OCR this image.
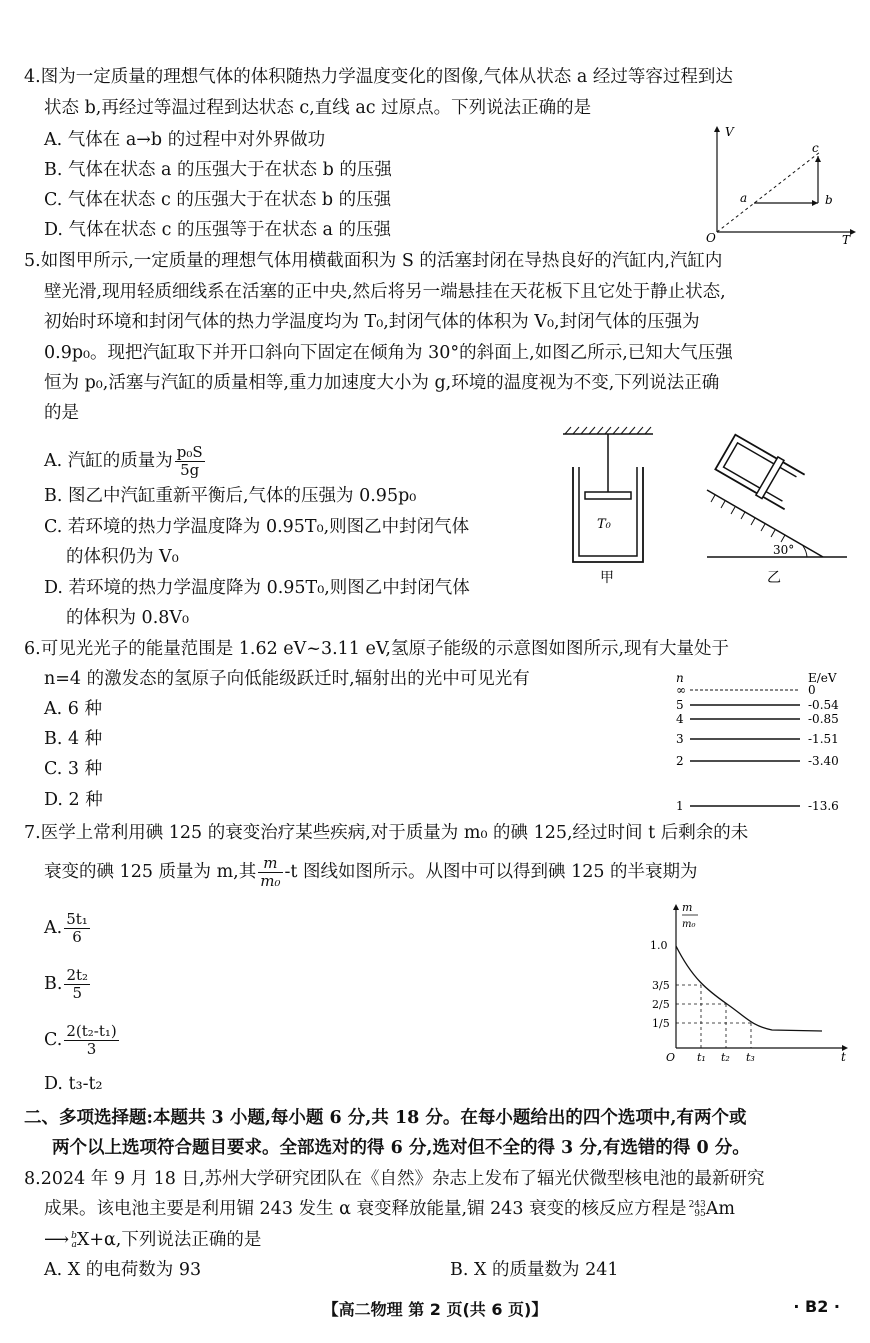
4.图为一定质量的理想气体的体积随热力学温度变化的图像,气体从状态 a 经过等容过程到达
状态 b,再经过等温过程到达状态 c,直线 ac 过原点。下列说法正确的是
A. 气体在 a→b 的过程中对外界做功
B. 气体在状态 a 的压强大于在状态 b 的压强
C. 气体在状态 c 的压强大于在状态 b 的压强
D. 气体在状态 c 的压强等于在状态 a 的压强
V
T
O
a	b
c
5.如图甲所示,一定质量的理想气体用横截面积为 S 的活塞封闭在导热良好的汽缸内,汽缸内
壁光滑,现用轻质细线系在活塞的正中央,然后将另一端悬挂在天花板下且它处于静止状态,
初始时环境和封闭气体的热力学温度均为 T₀,封闭气体的体积为 V₀,封闭气体的压强为
0.9p₀。现把汽缸取下并开口斜向下固定在倾角为 30°的斜面上,如图乙所示,已知大气压强
恒为 p₀,活塞与汽缸的质量相等,重力加速度大小为 g,环境的温度视为不变,下列说法正确
的是
A. 汽缸的质量为 $\frac{\text{p₀S}}{5g}$
B. 图乙中汽缸重新平衡后,气体的压强为 0.95p₀
C. 若环境的热力学温度降为 0.95T₀,则图乙中封闭气体
的体积仍为 V₀
D. 若环境的热力学温度降为 0.95T₀,则图乙中封闭气体
的体积为 0.8V₀
T₀
甲
30°
乙
6.可见光光子的能量范围是 1.62 eV~3.11 eV,氢原子能级的示意图如图所示,现有大量处于
n=4 的激发态的氢原子向低能级跃迁时,辐射出的光中可见光有
A. 6 种
B. 4 种
C. 3 种
D. 2 种
n	E/eV
∞	0
5	-0.54
4	-0.85
3	-1.51
2	-3.40
1	-13.6
7.医学上常利用碘 125 的衰变治疗某些疾病,对于质量为 m₀ 的碘 125,经过时间 t 后剩余的未
衰变的碘 125 质量为 m,其 $\frac{m}{\text{m₀}} -t$ 图线如图所示。从图中可以得到碘 125 的半衰期为
A. $\frac{\text{5t₁}}{6}$
B. $\frac{\text{2t₂}}{5}$
C. $\frac{\text{2(t₂-t₁)}}{3}$
D. t₃-t₂
m
m₀
1.0
3/5
2/5
1/5
O t₁ t₂ t₃	t
二、多项选择题:本题共 3 小题,每小题 6 分,共 18 分。在每小题给出的四个选项中,有两个或
两个以上选项符合题目要求。全部选对的得 6 分,选对但不全的得 3 分,有选错的得 0 分。
8.2024 年 9 月 18 日,苏州大学研究团队在《自然》杂志上发布了辐光伏微型核电池的最新研究
成果。该电池主要是利用镅 243 发生 α 衰变释放能量,镅 243 衰变的核反应方程是 243
95 Am
⟶ b
a X+α,下列说法正确的是
A. X 的电荷数为 93	B. X 的质量数为 241
【高二物理 第 2 页(共 6 页)】	· B2 ·
